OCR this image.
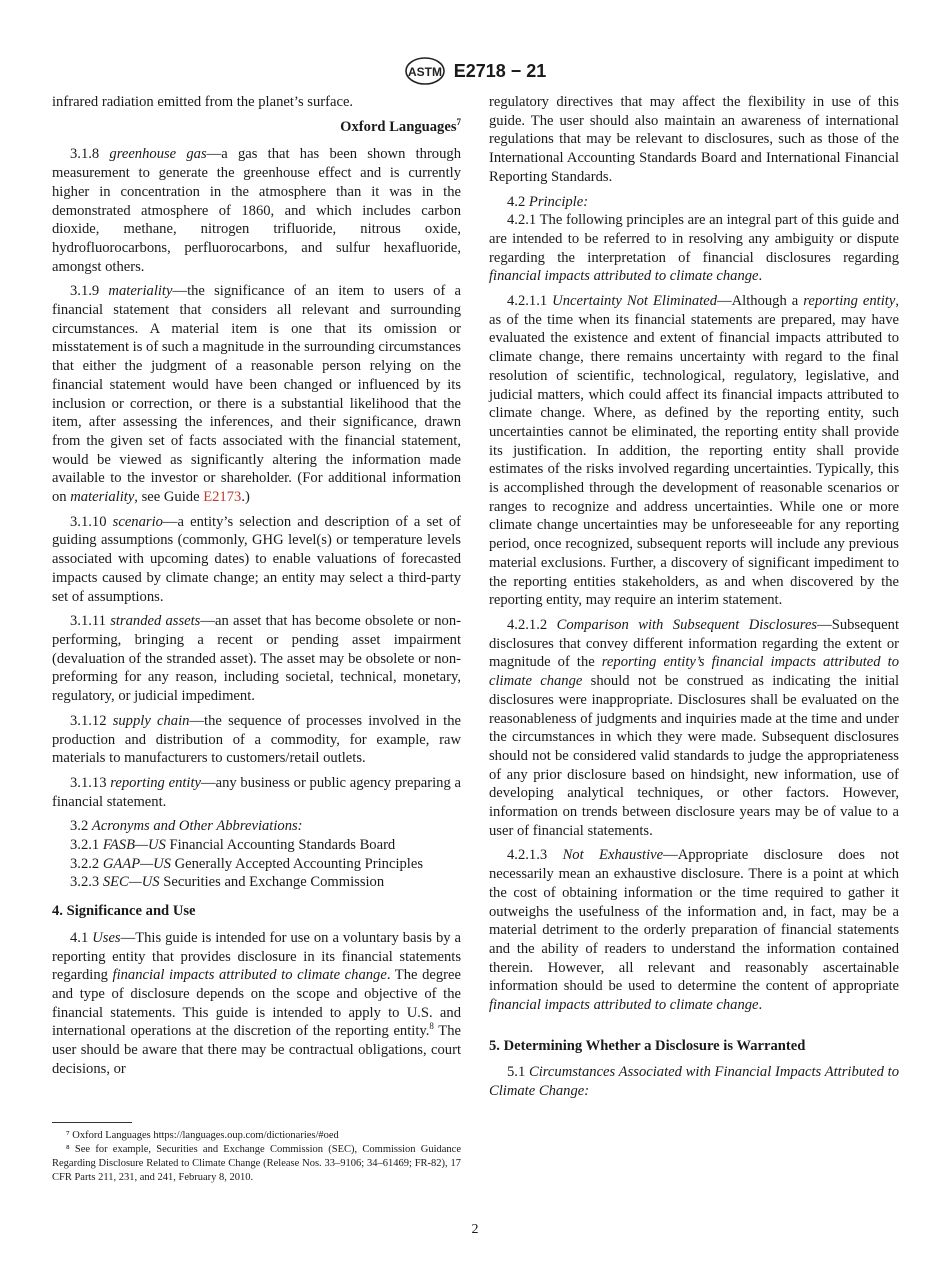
ASTM E2718 − 21

infrared radiation emitted from the planet’s surface.

Oxford Languages$^7$

3.1.8 greenhouse gas—a gas that has been shown through measurement to generate the greenhouse effect and is currently higher in concentration in the atmosphere than it was in the demonstrated atmosphere of 1860, and which includes carbon dioxide, methane, nitrogen trifluoride, nitrous oxide, hydrofluorocarbons, perfluorocarbons, and sulfur hexafluoride, amongst others.

3.1.9 materiality—the significance of an item to users of a financial statement that considers all relevant and surrounding circumstances. A material item is one that its omission or misstatement is of such a magnitude in the surrounding circumstances that either the judgment of a reasonable person relying on the financial statement would have been changed or influenced by its inclusion or correction, or there is a substantial likelihood that the item, after assessing the inferences, and their significance, drawn from the given set of facts associated with the financial statement, would be viewed as significantly altering the information made available to the investor or shareholder. (For additional information on materiality, see Guide E2173.)

3.1.10 scenario—a entity’s selection and description of a set of guiding assumptions (commonly, GHG level(s) or temperature levels associated with upcoming dates) to enable valuations of forecasted impacts caused by climate change; an entity may select a third-party set of assumptions.

3.1.11 stranded assets—an asset that has become obsolete or non-performing, bringing a recent or pending asset impairment (devaluation of the stranded asset). The asset may be obsolete or non-preforming for any reason, including societal, technical, monetary, regulatory, or judicial impediment.

3.1.12 supply chain—the sequence of processes involved in the production and distribution of a commodity, for example, raw materials to manufacturers to customers/retail outlets.

3.1.13 reporting entity—any business or public agency preparing a financial statement.

3.2 Acronyms and Other Abbreviations:

3.2.1 FASB—US Financial Accounting Standards Board

3.2.2 GAAP—US Generally Accepted Accounting Principles

3.2.3 SEC—US Securities and Exchange Commission

4. Significance and Use

4.1 Uses—This guide is intended for use on a voluntary basis by a reporting entity that provides disclosure in its financial statements regarding financial impacts attributed to climate change. The degree and type of disclosure depends on the scope and objective of the financial statements. This guide is intended to apply to U.S. and international operations at the discretion of the reporting entity.$^8$ The user should be aware that there may be contractual obligations, court decisions, or

⁷ Oxford Languages https://languages.oup.com/dictionaries/#oed

⁸ See for example, Securities and Exchange Commission (SEC), Commission Guidance Regarding Disclosure Related to Climate Change (Release Nos. 33–9106; 34–61469; FR-82), 17 CFR Parts 211, 231, and 241, February 8, 2010.

regulatory directives that may affect the flexibility in use of this guide. The user should also maintain an awareness of international regulations that may be relevant to disclosures, such as those of the International Accounting Standards Board and International Financial Reporting Standards.

4.2 Principle:

4.2.1 The following principles are an integral part of this guide and are intended to be referred to in resolving any ambiguity or dispute regarding the interpretation of financial disclosures regarding financial impacts attributed to climate change.

4.2.1.1 Uncertainty Not Eliminated—Although a reporting entity, as of the time when its financial statements are prepared, may have evaluated the existence and extent of financial impacts attributed to climate change, there remains uncertainty with regard to the final resolution of scientific, technological, regulatory, legislative, and judicial matters, which could affect its financial impacts attributed to climate change. Where, as defined by the reporting entity, such uncertainties cannot be eliminated, the reporting entity shall provide its justification. In addition, the reporting entity shall provide estimates of the risks involved regarding uncertainties. Typically, this is accomplished through the development of reasonable scenarios or ranges to recognize and address uncertainties. While one or more climate change uncertainties may be unforeseeable for any reporting period, once recognized, subsequent reports will include any previous material exclusions. Further, a discovery of significant impediment to the reporting entities stakeholders, as and when discovered by the reporting entity, may require an interim statement.

4.2.1.2 Comparison with Subsequent Disclosures—Subsequent disclosures that convey different information regarding the extent or magnitude of the reporting entity’s financial impacts attributed to climate change should not be construed as indicating the initial disclosures were inappropriate. Disclosures shall be evaluated on the reasonableness of judgments and inquiries made at the time and under the circumstances in which they were made. Subsequent disclosures should not be considered valid standards to judge the appropriateness of any prior disclosure based on hindsight, new information, use of developing analytical techniques, or other factors. However, information on trends between disclosure years may be of value to a user of financial statements.

4.2.1.3 Not Exhaustive—Appropriate disclosure does not necessarily mean an exhaustive disclosure. There is a point at which the cost of obtaining information or the time required to gather it outweighs the usefulness of the information and, in fact, may be a material detriment to the orderly preparation of financial statements and the ability of readers to understand the information contained therein. However, all relevant and reasonably ascertainable information should be used to determine the content of appropriate financial impacts attributed to climate change.

5. Determining Whether a Disclosure is Warranted

5.1 Circumstances Associated with Financial Impacts Attributed to Climate Change:

2
